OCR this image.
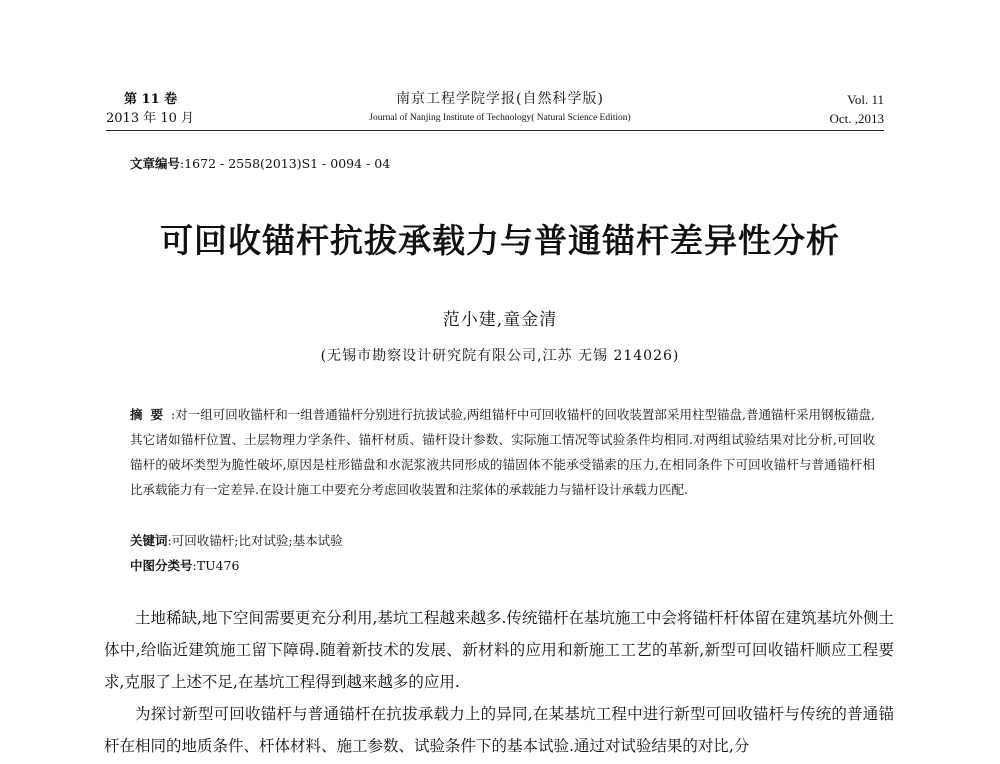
第 11 卷
2013 年 10 月
南京工程学院学报(自然科学版)
Journal of Nanjing Institute of Technology( Natural Science Edition)
Vol. 11
Oct. ,2013
文章编号:1672 - 2558(2013)S1 - 0094 - 04
可回收锚杆抗拔承载力与普通锚杆差异性分析
范小建,童金清
(无锡市勘察设计研究院有限公司,江苏 无锡 214026)
摘要:对一组可回收锚杆和一组普通锚杆分别进行抗拔试验,两组锚杆中可回收锚杆的回收装置部采用柱型锚盘,普通锚杆采用钢板锚盘,其它诸如锚杆位置、土层物理力学条件、锚杆材质、锚杆设计参数、实际施工情况等试验条件均相同.对两组试验结果对比分析,可回收锚杆的破坏类型为脆性破坏,原因是柱形锚盘和水泥浆液共同形成的锚固体不能承受锚索的压力,在相同条件下可回收锚杆与普通锚杆相比承载能力有一定差异.在设计施工中要充分考虑回收装置和注浆体的承载能力与锚杆设计承载力匹配.
关键词:可回收锚杆;比对试验;基本试验
中图分类号:TU476

土地稀缺,地下空间需要更充分利用,基坑工程越来越多.传统锚杆在基坑施工中会将锚杆杆体留在建筑基坑外侧土体中,给临近建筑施工留下障碍.随着新技术的发展、新材料的应用和新施工工艺的革新,新型可回收锚杆顺应工程要求,克服了上述不足,在基坑工程得到越来越多的应用.

为探讨新型可回收锚杆与普通锚杆在抗拔承载力上的异同,在某基坑工程中进行新型可回收锚杆与传统的普通锚杆在相同的地质条件、杆体材料、施工参数、试验条件下的基本试验.通过对试验结果的对比,分
